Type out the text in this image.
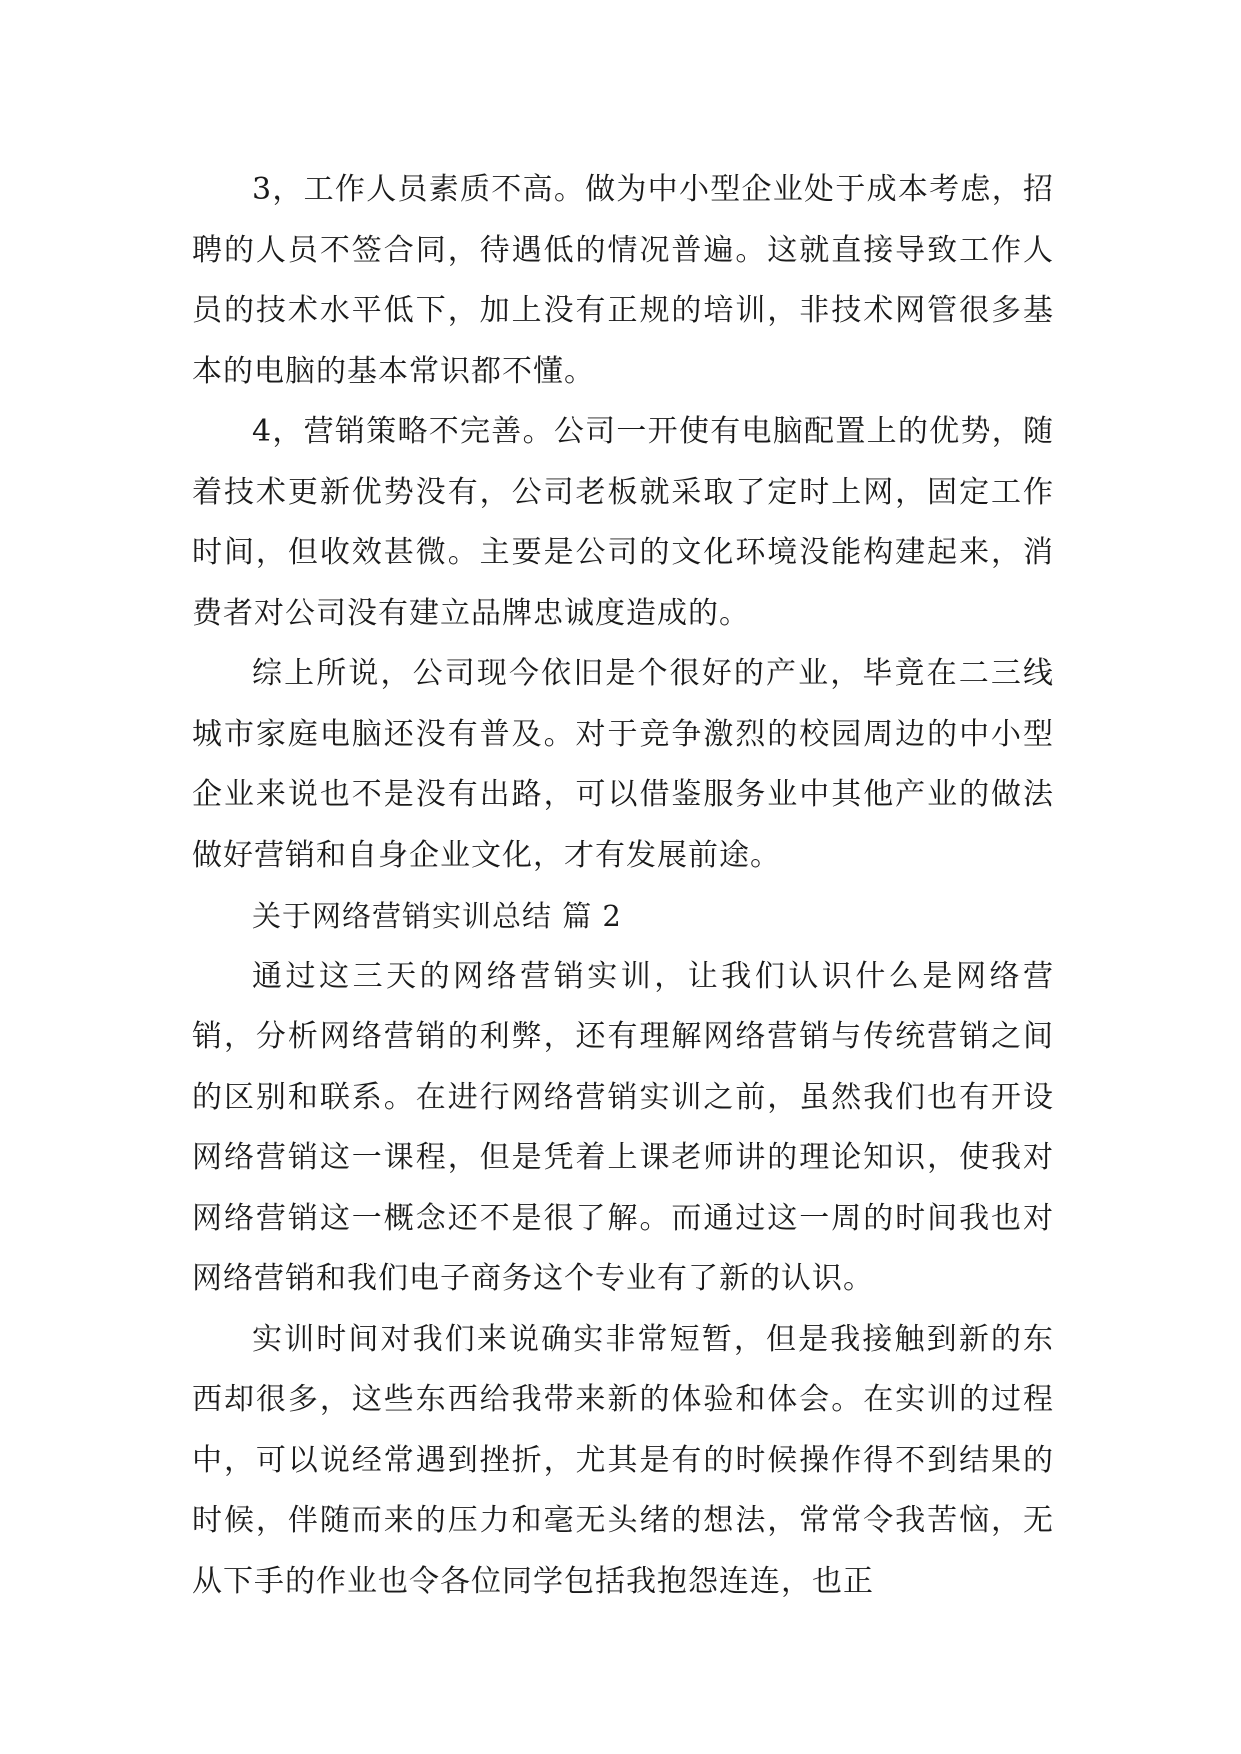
3，工作人员素质不高。做为中小型企业处于成本考虑，招聘的人员不签合同，待遇低的情况普遍。这就直接导致工作人员的技术水平低下，加上没有正规的培训，非技术网管很多基本的电脑的基本常识都不懂。

4，营销策略不完善。公司一开使有电脑配置上的优势，随着技术更新优势没有，公司老板就采取了定时上网，固定工作时间，但收效甚微。主要是公司的文化环境没能构建起来，消费者对公司没有建立品牌忠诚度造成的。

综上所说，公司现今依旧是个很好的产业，毕竟在二三线城市家庭电脑还没有普及。对于竞争激烈的校园周边的中小型企业来说也不是没有出路，可以借鉴服务业中其他产业的做法做好营销和自身企业文化，才有发展前途。

关于网络营销实训总结 篇 2

通过这三天的网络营销实训，让我们认识什么是网络营销，分析网络营销的利弊，还有理解网络营销与传统营销之间的区别和联系。在进行网络营销实训之前，虽然我们也有开设网络营销这一课程，但是凭着上课老师讲的理论知识，使我对网络营销这一概念还不是很了解。而通过这一周的时间我也对网络营销和我们电子商务这个专业有了新的认识。

实训时间对我们来说确实非常短暂，但是我接触到新的东西却很多，这些东西给我带来新的体验和体会。在实训的过程中，可以说经常遇到挫折，尤其是有的时候操作得不到结果的时候，伴随而来的压力和毫无头绪的想法，常常令我苦恼，无从下手的作业也令各位同学包括我抱怨连连，也正
